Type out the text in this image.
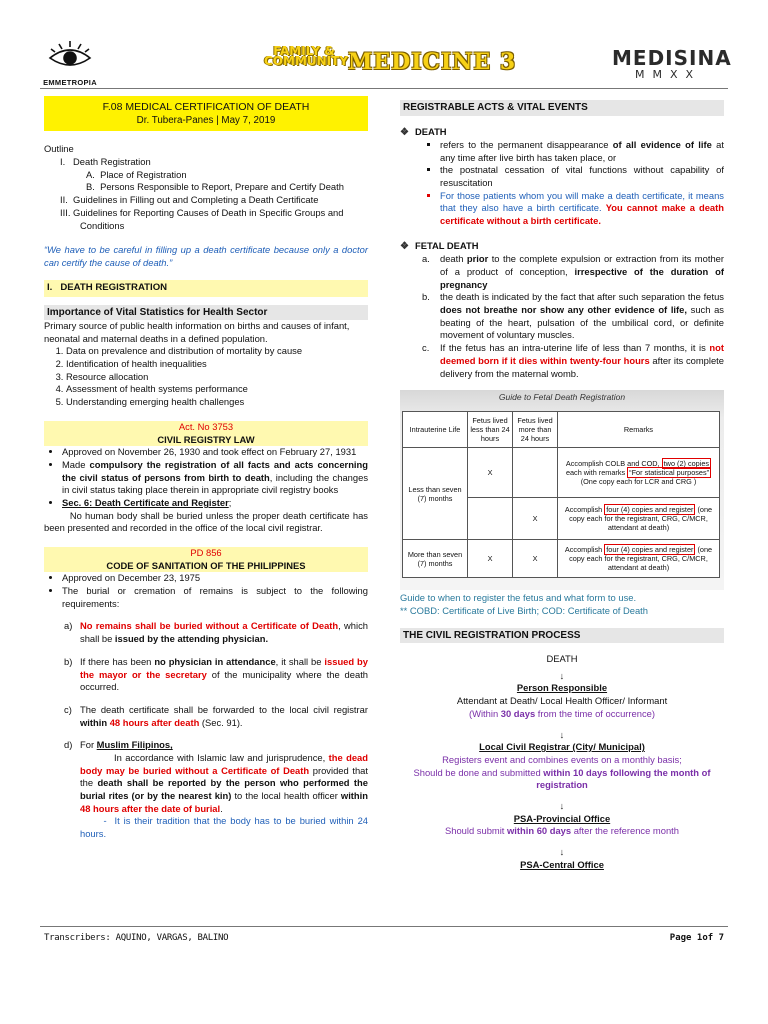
EMMETROPIA
FAMILY & COMMUNITY MEDICINE 3	MEDISINA
MMXX
F.08 MEDICAL CERTIFICATION OF DEATH
Dr. Tubera-Panes | May 7, 2019
Outline
I.   Death Registration
A.  Place of Registration
B.  Persons Responsible to Report, Prepare and Certify Death
II.  Guidelines in Filling out and Completing a Death Certificate
III. Guidelines for Reporting Causes of Death in Specific Groups and
Conditions
“We have to be careful in filling up a death certificate because only a doctor can certify the cause of death.”
I.   DEATH REGISTRATION
Importance of Vital Statistics for Health Sector
Primary source of public health information on births and causes of infant, neonatal and maternal deaths in a defined population.
1. Data on prevalence and distribution of mortality by cause
2. Identification of health inequalities
3. Resource allocation
4. Assessment of health systems performance
5. Understanding emerging health challenges
Act. No 3753
CIVIL REGISTRY LAW
• Approved on November 26, 1930 and took effect on February 27, 1931
• Made compulsory the registration of all facts and acts concerning the civil status of persons from birth to death, including the changes in civil status taking place therein in appropriate civil registry books
• Sec. 6: Death Certificate and Register;
No human body shall be buried unless the proper death certificate has been presented and recorded in the office of the local civil registrar.
PD 856
CODE OF SANITATION OF THE PHILIPPINES
• Approved on December 23, 1975
• The burial or cremation of remains is subject to the following requirements:
a) No remains shall be buried without a Certificate of Death, which shall be issued by the attending physician.
b) If there has been no physician in attendance, it shall be issued by the mayor or the secretary of the municipality where the death occurred.
c) The death certificate shall be forwarded to the local civil registrar within 48 hours after death (Sec. 91).
d) For Muslim Filipinos,
In accordance with Islamic law and jurisprudence, the dead body may be buried without a Certificate of Death provided that the death shall be reported by the person who performed the burial rites (or by the nearest kin) to the local health officer within 48 hours after the date of burial.
-  It is their tradition that the body has to be buried within 24 hours.
REGISTRABLE ACTS & VITAL EVENTS
❖ DEATH
▪ refers to the permanent disappearance of all evidence of life at any time after live birth has taken place, or
▪ the postnatal cessation of vital functions without capability of resuscitation
▪ For those patients whom you will make a death certificate, it means that they also have a birth certificate. You cannot make a death certificate without a birth certificate.
❖ FETAL DEATH
a.	death prior to the complete expulsion or extraction from its mother of a product of conception, irrespective of the duration of pregnancy
b.	the death is indicated by the fact that after such separation the fetus does not breathe nor show any other evidence of life, such as beating of the heart, pulsation of the umbilical cord, or definite movement of voluntary muscles.
c.	If the fetus has an intra-uterine life of less than 7 months, it is not deemed born if it dies within twenty-four hours after its complete delivery from the maternal womb.
Guide to Fetal Death Registration
Intrauterine Life	Fetus lived less than 24 hours	Fetus lived more than 24 hours	Remarks
Less than seven (7) months	X		Accomplish COLB and COD, two (2) copies each with remarks “For statistical purposes” (One copy each for LCR and CRG )
		X	Accomplish four (4) copies and register (one copy each for the registrant, CRG, C/MCR, attendant at death)
More than seven (7) months	X	X	Accomplish four (4) copies and register (one copy each for the registrant, CRG, C/MCR, attendant at death)
Guide to when to register the fetus and what form to use.
** COBD: Certificate of Live Birth; COD: Certificate of Death
THE CIVIL REGISTRATION PROCESS
DEATH
↓
Person Responsible
Attendant at Death/ Local Health Officer/ Informant
(Within 30 days from the time of occurrence)
↓
Local Civil Registrar (City/ Municipal)
Registers event and combines events on a monthly basis;
Should be done and submitted within 10 days following the month of registration
↓
PSA-Provincial Office
Should submit within 60 days after the reference month
↓
PSA-Central Office
Transcribers: AQUINO, VARGAS, BALINO	Page 1of 7
